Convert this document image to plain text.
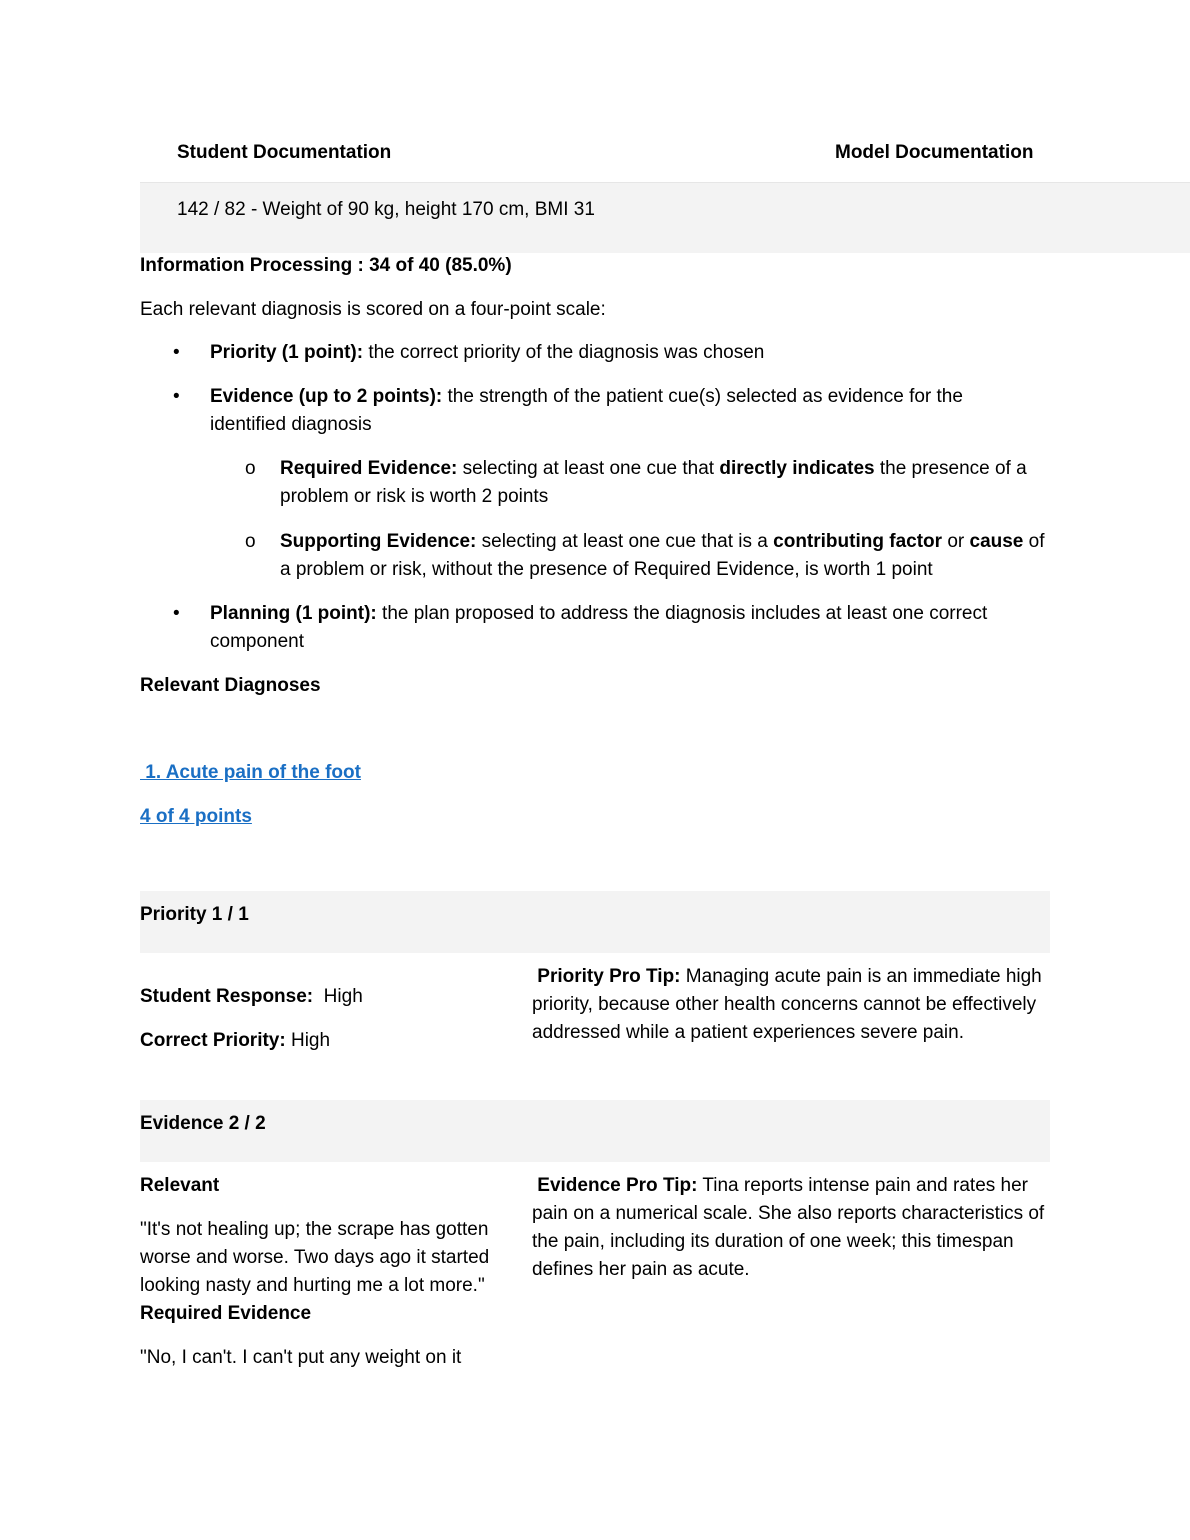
Student Documentation	Model Documentation
142 / 82 - Weight of 90 kg, height 170 cm, BMI 31
Information Processing : 34 of 40 (85.0%)
Each relevant diagnosis is scored on a four-point scale:
• Priority (1 point): the correct priority of the diagnosis was chosen
• Evidence (up to 2 points): the strength of the patient cue(s) selected as evidence for the identified diagnosis
o Required Evidence: selecting at least one cue that directly indicates the presence of a problem or risk is worth 2 points
o Supporting Evidence: selecting at least one cue that is a contributing factor or cause of a problem or risk, without the presence of Required Evidence, is worth 1 point
• Planning (1 point): the plan proposed to address the diagnosis includes at least one correct component
Relevant Diagnoses
1. Acute pain of the foot
4 of 4 points
Priority 1 / 1
Student Response:  High
Correct Priority: High
Priority Pro Tip: Managing acute pain is an immediate high priority, because other health concerns cannot be effectively addressed while a patient experiences severe pain.
Evidence 2 / 2
Relevant
"It's not healing up; the scrape has gotten worse and worse. Two days ago it started looking nasty and hurting me a lot more." Required Evidence
"No, I can't. I can't put any weight on it
Evidence Pro Tip: Tina reports intense pain and rates her pain on a numerical scale. She also reports characteristics of the pain, including its duration of one week; this timespan defines her pain as acute.
